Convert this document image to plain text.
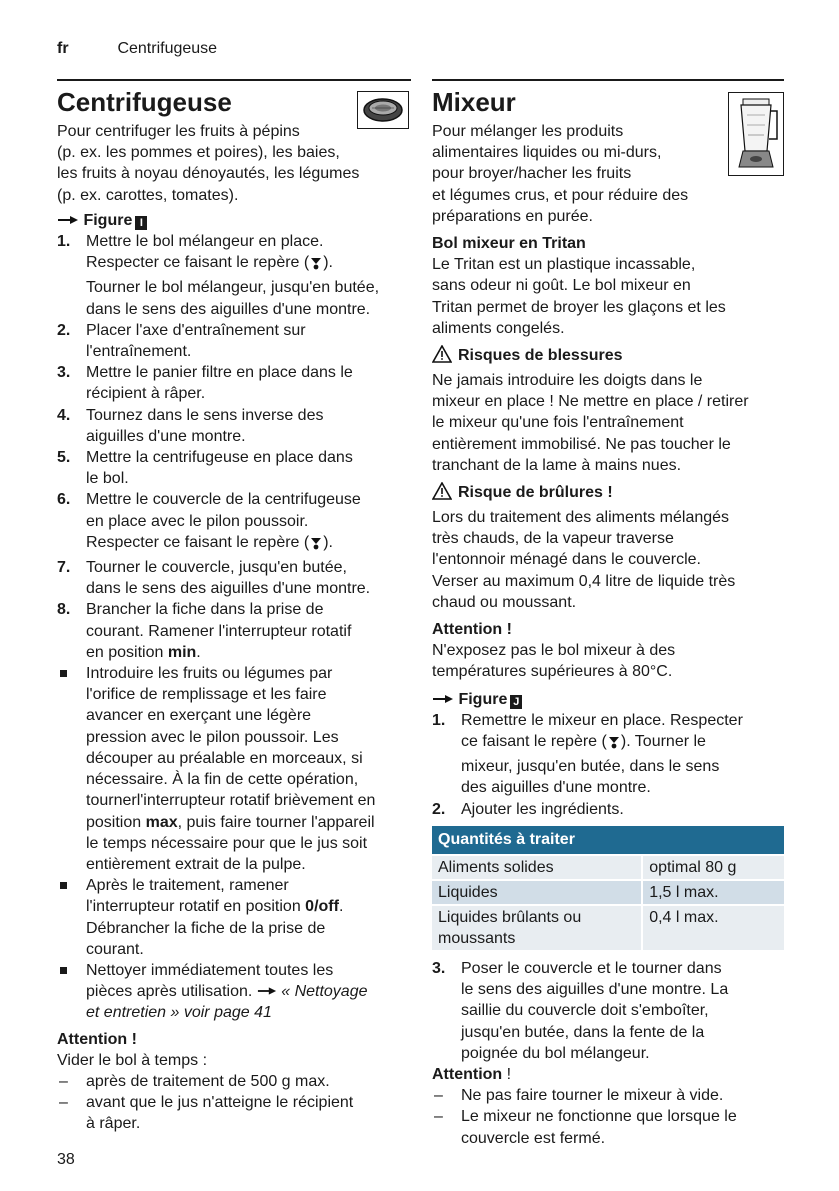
fr	Centrifugeuse
Centrifugeuse
Pour centrifuger les fruits à pépins
(p. ex. les pommes et poires), les baies,
les fruits à noyau dénoyautés, les légumes
(p. ex. carottes, tomates).
Figure I
1. Mettre le bol mélangeur en place.
Respecter ce faisant le repère ( ).
Tourner le bol mélangeur, jusqu'en butée,
dans le sens des aiguilles d'une montre.
2. Placer l'axe d'entraînement sur
l'entraînement.
3. Mettre le panier filtre en place dans le
récipient à râper.
4. Tournez dans le sens inverse des
aiguilles d'une montre.
5. Mettre la centrifugeuse en place dans
le bol.
6. Mettre le couvercle de la centrifugeuse
en place avec le pilon poussoir.
Respecter ce faisant le repère ( ).
7. Tourner le couvercle, jusqu'en butée,
dans le sens des aiguilles d'une montre.
8. Brancher la fiche dans la prise de
courant. Ramener l'interrupteur rotatif
en position min.
Introduire les fruits ou légumes par
l'orifice de remplissage et les faire
avancer en exerçant une légère
pression avec le pilon poussoir. Les
découper au préalable en morceaux, si
nécessaire. À la fin de cette opération,
tournerl'interrupteur rotatif brièvement en
position max, puis faire tourner l'appareil
le temps nécessaire pour que le jus soit
entièrement extrait de la pulpe.
Après le traitement, ramener
l'interrupteur rotatif en position 0/off.
Débrancher la fiche de la prise de
courant.
Nettoyer immédiatement toutes les
pièces après utilisation.  « Nettoyage
et entretien » voir page 41
Attention !
Vider le bol à temps :
– après de traitement de 500 g max.
– avant que le jus n'atteigne le récipient
à râper.
Mixeur
Pour mélanger les produits
alimentaires liquides ou mi-durs,
pour broyer/hacher les fruits
et légumes crus, et pour réduire des
préparations en purée.
Bol mixeur en Tritan
Le Tritan est un plastique incassable,
sans odeur ni goût. Le bol mixeur en
Tritan permet de broyer les glaçons et les
aliments congelés.
Risques de blessures
Ne jamais introduire les doigts dans le
mixeur en place ! Ne mettre en place / retirer
le mixeur qu'une fois l'entraînement
entièrement immobilisé. Ne pas toucher le
tranchant de la lame à mains nues.
Risque de brûlures !
Lors du traitement des aliments mélangés
très chauds, de la vapeur traverse
l'entonnoir ménagé dans le couvercle.
Verser au maximum 0,4 litre de liquide très
chaud ou moussant.
Attention !
N'exposez pas le bol mixeur à des
températures supérieures à 80°C.
Figure J
1. Remettre le mixeur en place. Respecter
ce faisant le repère ( ). Tourner le
mixeur, jusqu'en butée, dans le sens
des aiguilles d'une montre.
2. Ajouter les ingrédients.
Quantités à traiter	
Aliments solides	optimal 80 g
Liquides	1,5 l max.
Liquides brûlants ou moussants	0,4 l max.
3. Poser le couvercle et le tourner dans
le sens des aiguilles d'une montre. La
saillie du couvercle doit s'emboîter,
jusqu'en butée, dans la fente de la
poignée du bol mélangeur.
Attention !
– Ne pas faire tourner le mixeur à vide.
– Le mixeur ne fonctionne que lorsque le
couvercle est fermé.
38
